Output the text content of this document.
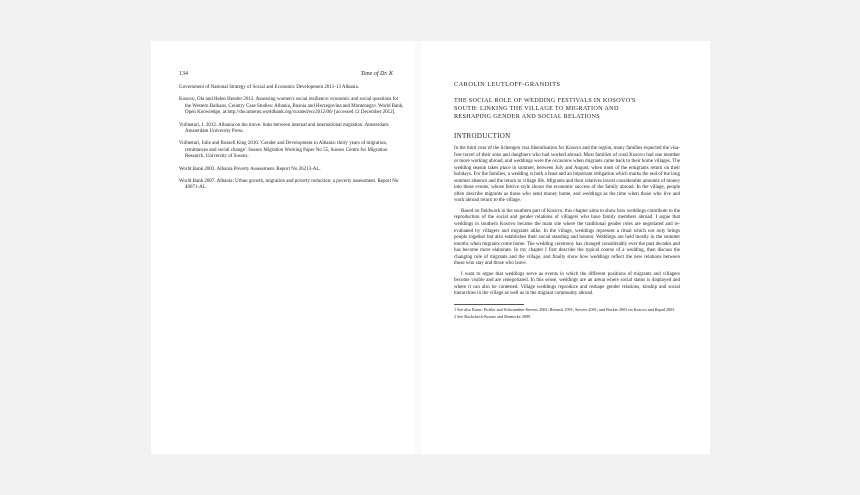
134	Tone of Dr. K

Government of National Strategy of Social and Economic Development 2011-13 Albania.

Kosovo, Ola and Helen Hessler 2012. Assessing women's social resilience: economic and social questions for the Western Balkans, Country Case Studies: Albania, Bosnia and Herzegovina and Montenegro. World Bank, Open Knowledge, at http://documents.worldbank.org/curated/en/2012/06/ [accessed 12 December 2012].

Vullnetari, J. 2012. Albania on the move: links between internal and international migration. Amsterdam: Amsterdam University Press.

Vullnetari, Julie and Russell King 2010. 'Gender and Development in Albania: thirty years of migration, remittances and social change'. Sussex Migration Working Paper No 55, Sussex Centre for Migration Research, University of Sussex.

World Bank 2003. Albania Poverty Assessment. Report No 26213-AL.

World Bank 2007. Albania: Urban growth, migration and poverty reduction: a poverty assessment. Report No 40071-AL.

CAROLIN LEUTLOFF-GRANDITS
THE SOCIAL ROLE OF WEDDING FESTIVALS IN KOSOVO'S
SOUTH: LINKING THE VILLAGE TO MIGRATION AND
RESHAPING GENDER AND SOCIAL RELATIONS
INTRODUCTION

In the third year of the Schengen visa liberalisation for Kosovo and the region, many families expected the visa-free travel of their sons and daughters who had worked abroad. Most families of rural Kosovo had one member or more working abroad, and weddings were the occasions when migrants came back to their home villages. The wedding season takes place in summer, between July and August, when most of the emigrants return on their holidays. For the families, a wedding is both a feast and an important obligation which marks the end of the long summer absence and the return to village life. Migrants and their relatives invest considerable amounts of money into these events, whose festive style shows the economic success of the family abroad. In the village, people often describe migrants as those who send money home, and weddings as the time when those who live and work abroad return to the village.

Based on fieldwork in the southern part of Kosovo, this chapter aims to show how weddings contribute to the reproduction of the social and gender relations of villagers who have family members abroad. I argue that weddings in southern Kosovo became the main site where the traditional gender roles are negotiated and re-evaluated by villagers and migrants alike. In the village, weddings represent a ritual which not only brings people together but also establishes their social standing and honour. Weddings are held mostly in the summer months when migrants come home. The wedding ceremony has changed considerably over the past decades and has become more elaborate. In my chapter I first describe the typical course of a wedding, then discuss the changing role of migrants and the village, and finally show how weddings reflect the new relations between those who stay and those who leave.

I want to argue that weddings serve as events in which the different positions of migrants and villagers become visible and are renegotiated. In this sense, weddings are an arena where social status is displayed and where it can also be contested. Village weddings reproduce and reshape gender relations, kinship and social hierarchies in the village as well as in the migrant community abroad.

1 See also Kaser, Pichler and Schwandner-Sievers 2002; Reineck 1991; Sievers 2001; and Backer 2003 on Kosovo and Rapid 2003.

2 See Bockcheck-Krause and Rennecke 2009.
